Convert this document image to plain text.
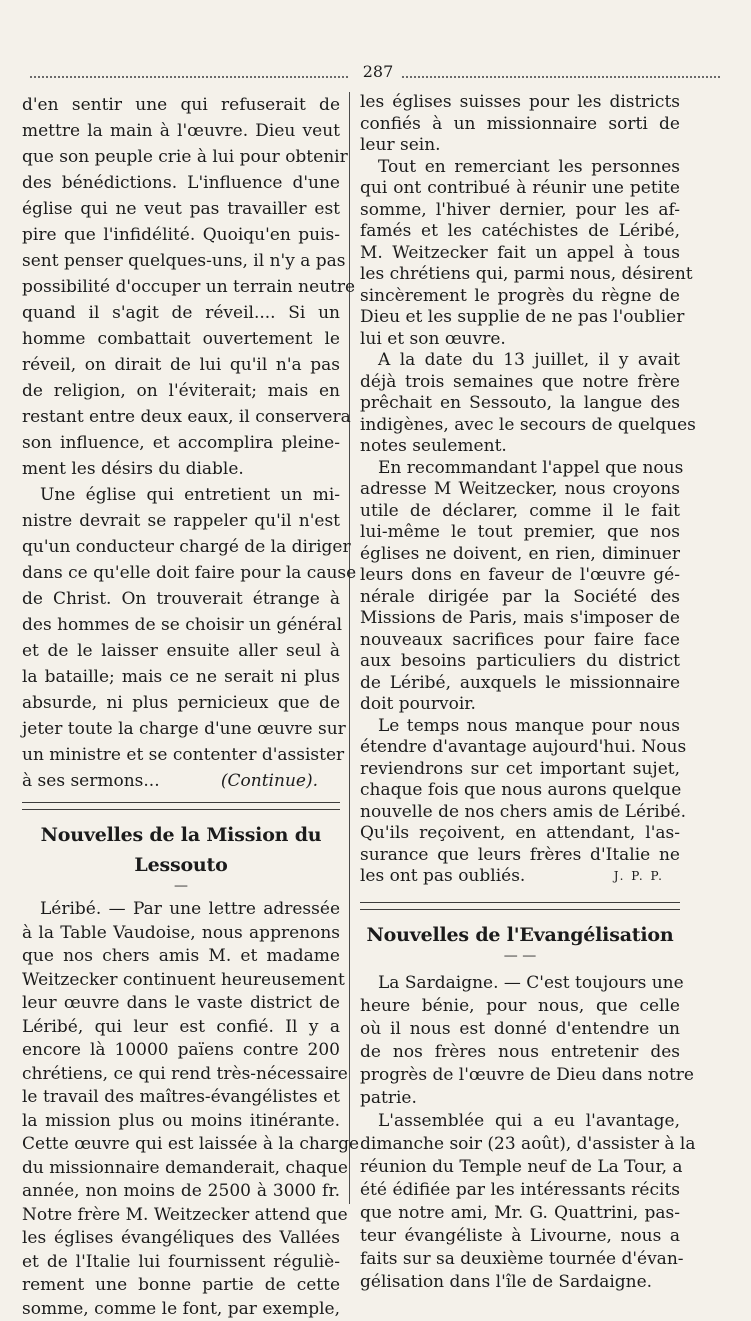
287
d'en sentir une qui refuserait de
mettre la main à l'œuvre. Dieu veut
que son peuple crie à lui pour obtenir
des bénédictions. L'influence d'une
église qui ne veut pas travailler est
pire que l'infidélité. Quoiqu'en puis-
sent penser quelques-uns, il n'y a pas
possibilité d'occuper un terrain neutre
quand il s'agit de réveil.... Si un
homme combattait ouvertement le
réveil, on dirait de lui qu'il n'a pas
de religion, on l'éviterait; mais en
restant entre deux eaux, il conservera
son influence, et accomplira pleine-
ment les désirs du diable.
Une église qui entretient un mi-
nistre devrait se rappeler qu'il n'est
qu'un conducteur chargé de la diriger
dans ce qu'elle doit faire pour la cause
de Christ. On trouverait étrange à
des hommes de se choisir un général
et de le laisser ensuite aller seul à
la bataille; mais ce ne serait ni plus
absurde, ni plus pernicieux que de
jeter toute la charge d'une œuvre sur
un ministre et se contenter d'assister
à ses sermons...	(Continue).
Nouvelles de la Mission du Lessouto
—
Léribé. — Par une lettre adressée
à la Table Vaudoise, nous apprenons
que nos chers amis M. et madame
Weitzecker continuent heureusement
leur œuvre dans le vaste district de
Léribé, qui leur est confié. Il y a
encore là 10000 païens contre 200
chrétiens, ce qui rend très-nécessaire
le travail des maîtres-évangélistes et
la mission plus ou moins itinérante.
Cette œuvre qui est laissée à la charge
du missionnaire demanderait, chaque
année, non moins de 2500 à 3000 fr.
Notre frère M. Weitzecker attend que
les églises évangéliques des Vallées
et de l'Italie lui fournissent réguliè-
rement une bonne partie de cette
somme, comme le font, par exemple,
les églises suisses pour les districts
confiés à un missionnaire sorti de
leur sein.
Tout en remerciant les personnes
qui ont contribué à réunir une petite
somme, l'hiver dernier, pour les af-
famés et les catéchistes de Léribé,
M. Weitzecker fait un appel à tous
les chrétiens qui, parmi nous, désirent
sincèrement le progrès du règne de
Dieu et les supplie de ne pas l'oublier
lui et son œuvre.
A la date du 13 juillet, il y avait
déjà trois semaines que notre frère
prêchait en Sessouto, la langue des
indigènes, avec le secours de quelques
notes seulement.
En recommandant l'appel que nous
adresse M Weitzecker, nous croyons
utile de déclarer, comme il le fait
lui-même le tout premier, que nos
églises ne doivent, en rien, diminuer
leurs dons en faveur de l'œuvre gé-
nérale dirigée par la Société des
Missions de Paris, mais s'imposer de
nouveaux sacrifices pour faire face
aux besoins particuliers du district
de Léribé, auxquels le missionnaire
doit pourvoir.
Le temps nous manque pour nous
étendre d'avantage aujourd'hui. Nous
reviendrons sur cet important sujet,
chaque fois que nous aurons quelque
nouvelle de nos chers amis de Léribé.
Qu'ils reçoivent, en attendant, l'as-
surance que leurs frères d'Italie ne
les ont pas oubliés.	J. P. P.
Nouvelles de l'Evangélisation
— —
La Sardaigne. — C'est toujours une
heure bénie, pour nous, que celle
où il nous est donné d'entendre un
de nos frères nous entretenir des
progrès de l'œuvre de Dieu dans notre
patrie.
L'assemblée qui a eu l'avantage,
dimanche soir (23 août), d'assister à la
réunion du Temple neuf de La Tour, a
été édifiée par les intéressants récits
que notre ami, Mr. G. Quattrini, pas-
teur évangéliste à Livourne, nous a
faits sur sa deuxième tournée d'évan-
gélisation dans l'île de Sardaigne.
